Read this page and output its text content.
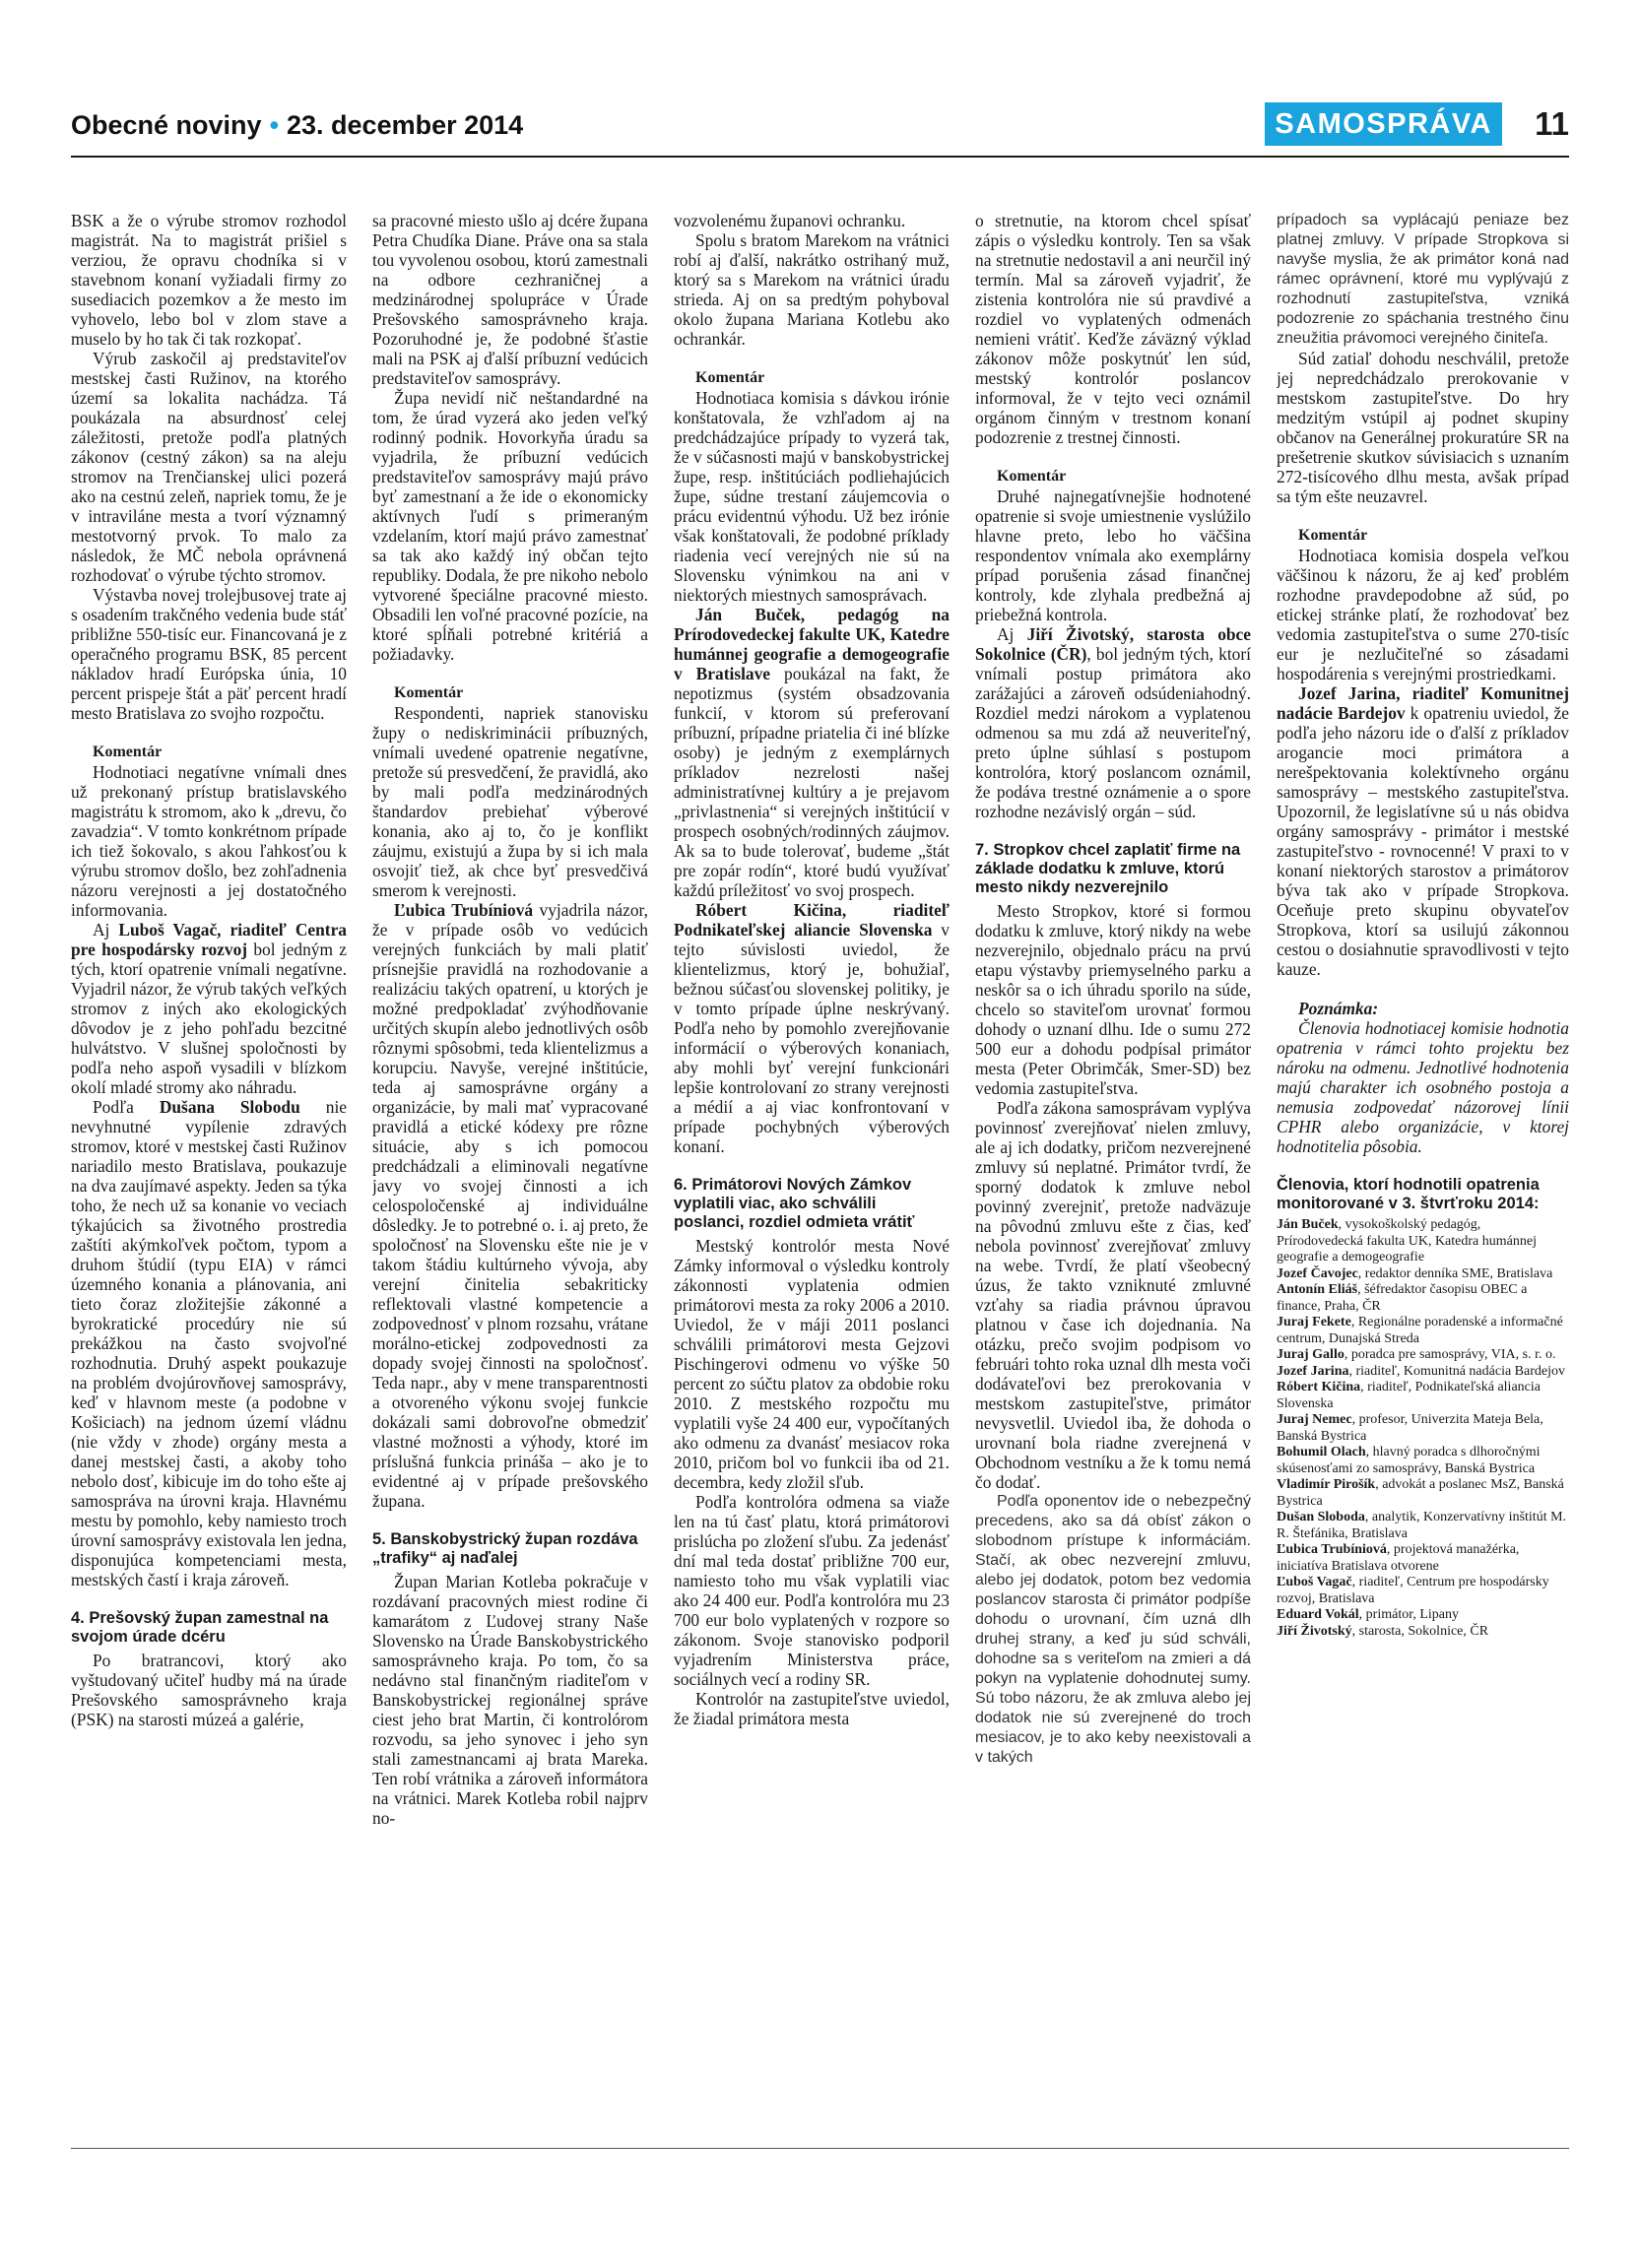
Obecné noviny • 23. december 2014	SAMOSPRÁVA 11

BSK a že o výrube stromov rozhodol magistrát. Na to magistrát prišiel s verziou, že opravu chodníka si v stavebnom konaní vyžiadali firmy zo susediacich pozemkov a že mesto im vyhovelo, lebo bol v zlom stave a muselo by ho tak či tak rozkopať.

Výrub zaskočil aj predstaviteľov mestskej časti Ružinov, na ktorého území sa lokalita nachádza. Tá poukázala na absurdnosť celej záležitosti, pretože podľa platných zákonov (cestný zákon) sa na aleju stromov na Trenčianskej ulici pozerá ako na cestnú zeleň, napriek tomu, že je v intraviláne mesta a tvorí významný mestotvorný prvok. To malo za následok, že MČ nebola oprávnená rozhodovať o výrube týchto stromov.

Výstavba novej trolejbusovej trate aj s osadením trakčného vedenia bude stáť približne 550-tisíc eur. Financovaná je z operačného programu BSK, 85 percent nákladov hradí Európska únia, 10 percent prispeje štát a päť percent hradí mesto Bratislava zo svojho rozpočtu.

Komentár

Hodnotiaci negatívne vnímali dnes už prekonaný prístup bratislavského magistrátu k stromom, ako k „drevu, čo zavadzia“. V tomto konkrétnom prípade ich tiež šokovalo, s akou ľahkosťou k výrubu stromov došlo, bez zohľadnenia názoru verejnosti a jej dostatočného informovania.

Aj Luboš Vagač, riaditeľ Centra pre hospodársky rozvoj bol jedným z tých, ktorí opatrenie vnímali negatívne. Vyjadril názor, že výrub takých veľkých stromov z iných ako ekologických dôvodov je z jeho pohľadu bezcitné hulvátstvo. V slušnej spoločnosti by podľa neho aspoň vysadili v blízkom okolí mladé stromy ako náhradu.

Podľa Dušana Slobodu nie nevyhnutné vypílenie zdravých stromov, ktoré v mestskej časti Ružinov nariadilo mesto Bratislava, poukazuje na dva zaujímavé aspekty. Jeden sa týka toho, že nech už sa konanie vo veciach týkajúcich sa životného prostredia zaštíti akýmkoľvek počtom, typom a druhom štúdií (typu EIA) v rámci územného konania a plánovania, ani tieto čoraz zložitejšie zákonné a byrokratické procedúry nie sú prekážkou na často svojvoľné rozhodnutia. Druhý aspekt poukazuje na problém dvojúrovňovej samosprávy, keď v hlavnom meste (a podobne v Košiciach) na jednom území vládnu (nie vždy v zhode) orgány mesta a danej mestskej časti, a akoby toho nebolo dosť, kibicuje im do toho ešte aj samospráva na úrovni kraja. Hlavnému mestu by pomohlo, keby namiesto troch úrovní samosprávy existovala len jedna, disponujúca kompetenciami mesta, mestských častí i kraja zároveň.

4. Prešovský župan zamestnal na svojom úrade dcéru

Po bratrancovi, ktorý ako vyštudovaný učiteľ hudby má na úrade Prešovského samosprávneho kraja (PSK) na starosti múzeá a galérie,

sa pracovné miesto ušlo aj dcére župana Petra Chudíka Diane. Práve ona sa stala tou vyvolenou osobou, ktorú zamestnali na odbore cezhraničnej a medzinárodnej spolupráce v Úrade Prešovského samosprávneho kraja. Pozoruhodné je, že podobné šťastie mali na PSK aj ďalší príbuzní vedúcich predstaviteľov samosprávy.

Župa nevidí nič neštandardné na tom, že úrad vyzerá ako jeden veľký rodinný podnik. Hovorkyňa úradu sa vyjadrila, že príbuzní vedúcich predstaviteľov samosprávy majú právo byť zamestnaní a že ide o ekonomicky aktívnych ľudí s primeraným vzdelaním, ktorí majú právo zamestnať sa tak ako každý iný občan tejto republiky. Dodala, že pre nikoho nebolo vytvorené špeciálne pracovné miesto. Obsadili len voľné pracovné pozície, na ktoré spĺňali potrebné kritériá a požiadavky.

Komentár

Respondenti, napriek stanovisku župy o nediskriminácii príbuzných, vnímali uvedené opatrenie negatívne, pretože sú presvedčení, že pravidlá, ako by mali podľa medzinárodných štandardov prebiehať výberové konania, ako aj to, čo je konflikt záujmu, existujú a župa by si ich mala osvojiť tiež, ak chce byť presvedčivá smerom k verejnosti.

Ľubica Trubíniová vyjadrila názor, že v prípade osôb vo vedúcich verejných funkciách by mali platiť prísnejšie pravidlá na rozhodovanie a realizáciu takých opatrení, u ktorých je možné predpokladať zvýhodňovanie určitých skupín alebo jednotlivých osôb rôznymi spôsobmi, teda klientelizmus a korupciu. Navyše, verejné inštitúcie, teda aj samosprávne orgány a organizácie, by mali mať vypracované pravidlá a etické kódexy pre rôzne situácie, aby s ich pomocou predchádzali a eliminovali negatívne javy vo svojej činnosti a ich celospoločenské aj individuálne dôsledky. Je to potrebné o. i. aj preto, že spoločnosť na Slovensku ešte nie je v takom štádiu kultúrneho vývoja, aby verejní činitelia sebakriticky reflektovali vlastné kompetencie a zodpovednosť v plnom rozsahu, vrátane morálno-etickej zodpovednosti za dopady svojej činnosti na spoločnosť. Teda napr., aby v mene transparentnosti a otvoreného výkonu svojej funkcie dokázali sami dobrovoľne obmedziť vlastné možnosti a výhody, ktoré im príslušná funkcia prináša – ako je to evidentné aj v prípade prešovského župana.

5. Banskobystrický župan rozdáva „trafiky“ aj naďalej

Župan Marian Kotleba pokračuje v rozdávaní pracovných miest rodine či kamarátom z Ľudovej strany Naše Slovensko na Úrade Banskobystrického samosprávneho kraja. Po tom, čo sa nedávno stal finančným riaditeľom v Banskobystrickej regionálnej správe ciest jeho brat Martin, či kontrolórom rozvodu, sa jeho synovec i jeho syn stali zamestnancami aj brata Mareka. Ten robí vrátnika a zároveň informátora na vrátnici. Marek Kotleba robil najprv no-

vozvolenému županovi ochranku.

Spolu s bratom Marekom na vrátnici robí aj ďalší, nakrátko ostrihaný muž, ktorý sa s Marekom na vrátnici úradu strieda. Aj on sa predtým pohyboval okolo župana Mariana Kotlebu ako ochrankár.

Komentár

Hodnotiaca komisia s dávkou irónie konštatovala, že vzhľadom aj na predchádzajúce prípady to vyzerá tak, že v súčasnosti majú v banskobystrickej župe, resp. inštitúciách podliehajúcich župe, súdne trestaní záujemcovia o prácu evidentnú výhodu. Už bez irónie však konštatovali, že podobné príklady riadenia vecí verejných nie sú na Slovensku výnimkou na ani v niektorých miestnych samosprávach.

Ján Buček, pedagóg na Prírodovedeckej fakulte UK, Katedre humánnej geografie a demogeografie v Bratislave poukázal na fakt, že nepotizmus (systém obsadzovania funkcií, v ktorom sú preferovaní príbuzní, prípadne priatelia či iné blízke osoby) je jedným z exemplárnych príkladov nezrelosti našej administratívnej kultúry a je prejavom „privlastnenia“ si verejných inštitúcií v prospech osobných/rodinných záujmov. Ak sa to bude tolerovať, budeme „štát pre zopár rodín“, ktoré budú využívať každú príležitosť vo svoj prospech.

Róbert Kičina, riaditeľ Podnikateľskej aliancie Slovenska v tejto súvislosti uviedol, že klientelizmus, ktorý je, bohužiaľ, bežnou súčasťou slovenskej politiky, je v tomto prípade úplne neskrývaný. Podľa neho by pomohlo zverejňovanie informácií o výberových konaniach, aby mohli byť verejní funkcionári lepšie kontrolovaní zo strany verejnosti a médií a aj viac konfrontovaní v prípade pochybných výberových konaní.

6. Primátorovi Nových Zámkov vyplatili viac, ako schválili poslanci, rozdiel odmieta vrátiť

Mestský kontrolór mesta Nové Zámky informoval o výsledku kontroly zákonnosti vyplatenia odmien primátorovi mesta za roky 2006 a 2010. Uviedol, že v máji 2011 poslanci schválili primátorovi mesta Gejzovi Pischingerovi odmenu vo výške 50 percent zo súčtu platov za obdobie roku 2010. Z mestského rozpočtu mu vyplatili vyše 24 400 eur, vypočítaných ako odmenu za dvanásť mesiacov roka 2010, pričom bol vo funkcii iba od 21. decembra, kedy zložil sľub.

Podľa kontrolóra odmena sa viaže len na tú časť platu, ktorá primátorovi prislúcha po zložení sľubu. Za jedenásť dní mal teda dostať približne 700 eur, namiesto toho mu však vyplatili viac ako 24 400 eur. Podľa kontrolóra mu 23 700 eur bolo vyplatených v rozpore so zákonom. Svoje stanovisko podporil vyjadrením Ministerstva práce, sociálnych vecí a rodiny SR.

Kontrolór na zastupiteľstve uviedol, že žiadal primátora mesta

o stretnutie, na ktorom chcel spísať zápis o výsledku kontroly. Ten sa však na stretnutie nedostavil a ani neurčil iný termín. Mal sa zároveň vyjadriť, že zistenia kontrolóra nie sú pravdivé a rozdiel vo vyplatených odmenách nemieni vrátiť. Keďže záväzný výklad zákonov môže poskytnúť len súd, mestský kontrolór poslancov informoval, že v tejto veci oznámil orgánom činným v trestnom konaní podozrenie z trestnej činnosti.

Komentár

Druhé najnegatívnejšie hodnotené opatrenie si svoje umiestnenie vyslúžilo hlavne preto, lebo ho väčšina respondentov vnímala ako exemplárny prípad porušenia zásad finančnej kontroly, kde zlyhala predbežná aj priebežná kontrola.

Aj Jiří Životský, starosta obce Sokolnice (ČR), bol jedným tých, ktorí vnímali postup primátora ako zarážajúci a zároveň odsúdeniahodný. Rozdiel medzi nárokom a vyplatenou odmenou sa mu zdá až neuveriteľný, preto úplne súhlasí s postupom kontrolóra, ktorý poslancom oznámil, že podáva trestné oznámenie a o spore rozhodne nezávislý orgán – súd.

7. Stropkov chcel zaplatiť firme na základe dodatku k zmluve, ktorú mesto nikdy nezverejnilo

Mesto Stropkov, ktoré si formou dodatku k zmluve, ktorý nikdy na webe nezverejnilo, objednalo prácu na prvú etapu výstavby priemyselného parku a neskôr sa o ich úhradu sporilo na súde, chcelo so staviteľom urovnať formou dohody o uznaní dlhu. Ide o sumu 272 500 eur a dohodu podpísal primátor mesta (Peter Obrimčák, Smer-SD) bez vedomia zastupiteľstva.

Podľa zákona samosprávam vyplýva povinnosť zverejňovať nielen zmluvy, ale aj ich dodatky, pričom nezverejnené zmluvy sú neplatné. Primátor tvrdí, že sporný dodatok k zmluve nebol povinný zverejniť, pretože nadväzuje na pôvodnú zmluvu ešte z čias, keď nebola povinnosť zverejňovať zmluvy na webe. Tvrdí, že platí všeobecný úzus, že takto vzniknuté zmluvné vzťahy sa riadia právnou úpravou platnou v čase ich dojednania. Na otázku, prečo svojim podpisom vo februári tohto roka uznal dlh mesta voči dodávateľovi bez prerokovania v mestskom zastupiteľstve, primátor nevysvetlil. Uviedol iba, že dohoda o urovnaní bola riadne zverejnená v Obchodnom vestníku a že k tomu nemá čo dodať.

Podľa oponentov ide o nebezpečný precedens, ako sa dá obísť zákon o slobodnom prístupe k informáciám. Stačí, ak obec nezverejní zmluvu, alebo jej dodatok, potom bez vedomia poslancov starosta či primátor podpíše dohodu o urovnaní, čím uzná dlh druhej strany, a keď ju súd schváli, dohodne sa s veriteľom na zmieri a dá pokyn na vyplatenie dohodnutej sumy. Sú tobo názoru, že ak zmluva alebo jej dodatok nie sú zverejnené do troch mesiacov, je to ako keby neexistovali a v takých

prípadoch sa vyplácajú peniaze bez platnej zmluvy. V prípade Stropkova si navyše myslia, že ak primátor koná nad rámec oprávnení, ktoré mu vyplývajú z rozhodnutí zastupiteľstva, vzniká podozrenie zo spáchania trestného činu zneužitia právomoci verejného činiteľa.

Súd zatiaľ dohodu neschválil, pretože jej nepredchádzalo prerokovanie v mestskom zastupiteľstve. Do hry medzitým vstúpil aj podnet skupiny občanov na Generálnej prokuratúre SR na prešetrenie skutkov súvisiacich s uznaním 272-tisícového dlhu mesta, avšak prípad sa tým ešte neuzavrel.

Komentár

Hodnotiaca komisia dospela veľkou väčšinou k názoru, že aj keď problém rozhodne pravdepodobne až súd, po etickej stránke platí, že rozhodovať bez vedomia zastupiteľstva o sume 270-tisíc eur je nezlučiteľné so zásadami hospodárenia s verejnými prostriedkami.

Jozef Jarina, riaditeľ Komunitnej nadácie Bardejov k opatreniu uviedol, že podľa jeho názoru ide o ďalší z príkladov arogancie moci primátora a nerešpektovania kolektívneho orgánu samosprávy – mestského zastupiteľstva. Upozornil, že legislatívne sú u nás obidva orgány samosprávy - primátor i mestské zastupiteľstvo - rovnocenné! V praxi to v konaní niektorých starostov a primátorov býva tak ako v prípade Stropkova. Oceňuje preto skupinu obyvateľov Stropkova, ktorí sa usilujú zákonnou cestou o dosiahnutie spravodlivosti v tejto kauze.

Poznámka:

Členovia hodnotiacej komisie hodnotia opatrenia v rámci tohto projektu bez nároku na odmenu. Jednotlivé hodnotenia majú charakter ich osobného postoja a nemusia zodpovedať názorovej línii CPHR alebo organizácie, v ktorej hodnotitelia pôsobia.

Členovia, ktorí hodnotili opatrenia monitorované v 3. štvrťroku 2014:
Ján Buček, vysokoškolský pedagóg, Prírodovedecká fakulta UK, Katedra humánnej geografie a demogeografie
Jozef Čavojec, redaktor denníka SME, Bratislava
Antonín Eliáš, šéfredaktor časopisu OBEC a finance, Praha, ČR
Juraj Fekete, Regionálne poradenské a informačné centrum, Dunajská Streda
Juraj Gallo, poradca pre samosprávy, VIA, s. r. o.
Jozef Jarina, riaditeľ, Komunitná nadácia Bardejov
Róbert Kičina, riaditeľ, Podnikateľská aliancia Slovenska
Juraj Nemec, profesor, Univerzita Mateja Bela, Banská Bystrica
Bohumil Olach, hlavný poradca s dlhoročnými skúsenosťami zo samosprávy, Banská Bystrica
Vladimír Pirošík, advokát a poslanec MsZ, Banská Bystrica
Dušan Sloboda, analytik, Konzervatívny inštitút M. R. Štefánika, Bratislava
Ľubica Trubíniová, projektová manažérka, iniciatíva Bratislava otvorene
Ľuboš Vagač, riaditeľ, Centrum pre hospodársky rozvoj, Bratislava
Eduard Vokál, primátor, Lipany
Jiří Životský, starosta, Sokolnice, ČR
